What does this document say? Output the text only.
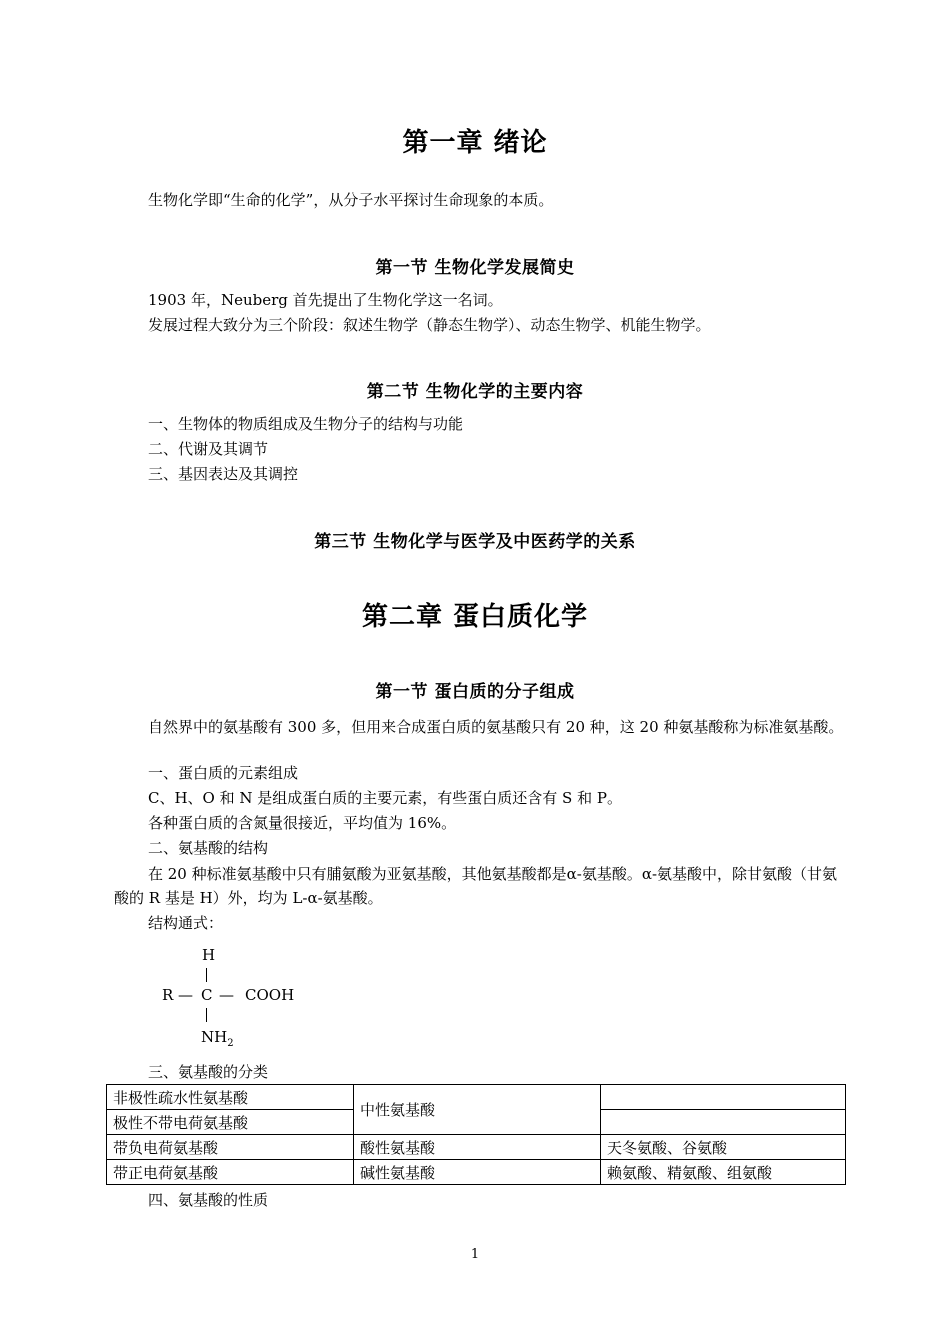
第一章 绪论
生物化学即“生命的化学”，从分子水平探讨生命现象的本质。
第一节 生物化学发展简史
1903 年，Neuberg 首先提出了生物化学这一名词。
发展过程大致分为三个阶段：叙述生物学（静态生物学）、动态生物学、机能生物学。
第二节 生物化学的主要内容
一、生物体的物质组成及生物分子的结构与功能
二、代谢及其调节
三、基因表达及其调控
第三节 生物化学与医学及中医药学的关系
第二章 蛋白质化学
第一节 蛋白质的分子组成
自然界中的氨基酸有 300 多，但用来合成蛋白质的氨基酸只有 20 种，这 20 种氨基酸称为标准氨基酸。
一、蛋白质的元素组成
C、H、O 和 N 是组成蛋白质的主要元素，有些蛋白质还含有 S 和 P。
各种蛋白质的含氮量很接近，平均值为 16%。
二、氨基酸的结构
在 20 种标准氨基酸中只有脯氨酸为亚氨基酸，其他氨基酸都是α-氨基酸。α-氨基酸中，除甘氨酸（甘氨酸的 R 基是 H）外，均为 L-α-氨基酸。
结构通式：
H
R — C — COOH
$NH_2$
三、氨基酸的分类
非极性疏水性氨基酸	中性氨基酸	
极性不带电荷氨基酸		
带负电荷氨基酸	酸性氨基酸	天冬氨酸、谷氨酸
带正电荷氨基酸	碱性氨基酸	赖氨酸、精氨酸、组氨酸
四、氨基酸的性质
1
